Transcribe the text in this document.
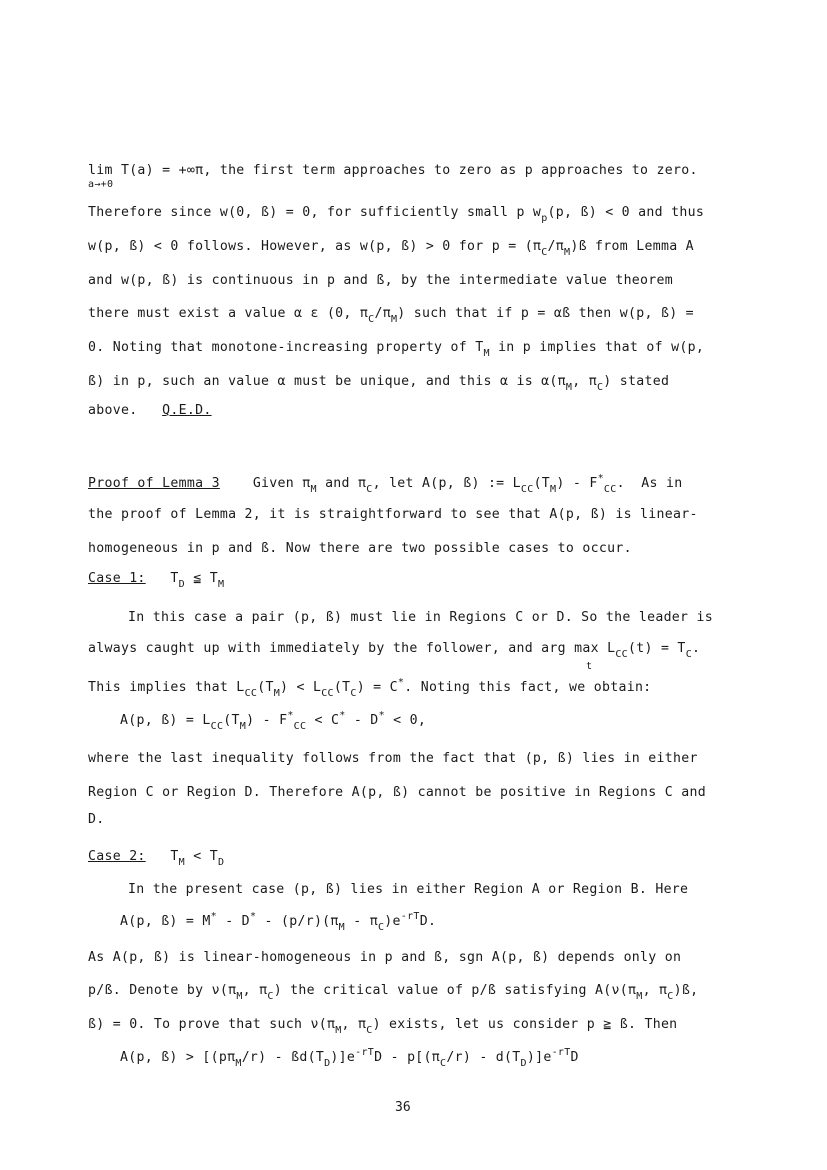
lim T(a) = +∞π, the first term approaches to zero as p approaches to zero.
a→+0
Therefore since w(0, ß) = 0, for sufficiently small p $w_p(p$, ß) < 0 and thus
w(p, ß) < 0 follows. However, as w(p, ß) > 0 for $p = (\pi_C/\pi_M)ß$ from Lemma A
and w(p, ß) is continuous in p and ß, by the intermediate value theorem
there must exist a value α ε (0, $\pi_C/\pi_M$) such that if p = αß then w(p, ß) =
0. Noting that monotone-increasing property of $T_M$ in p implies that of w(p,
ß) in p, such an value α must be unique, and this α is $\alpha(\pi_M$, $\pi_C$) stated
above. Q.E.D.
Proof of Lemma 3 Given $\pi_M$ and $\pi_C$, let A(p, ß) := $L_{CC}(T_M) - F^*_{CC}$.  As in
the proof of Lemma 2, it is straightforward to see that A(p, ß) is linear-
homogeneous in p and ß. Now there are two possible cases to occur.
Case 1:   $T_D$ ≦ $T_M$
In this case a pair (p, ß) must lie in Regions C or D. So the leader is
always caught up with immediately by the follower, and arg $\max L_{CC}(t) = T_C$.
t
This implies that $L_{CC}(T_M) < L_{CC}(T_C) = C^*$. Noting this fact, we obtain:
A(p, ß) = $L_{CC}(T_M) - F^*_{CC} < C^* - D^* < 0$,
where the last inequality follows from the fact that (p, ß) lies in either
Region C or Region D. Therefore A(p, ß) cannot be positive in Regions C and
D.
Case 2:   $T_M < T_D$
In the present case (p, ß) lies in either Region A or Region B. Here
A(p, ß) = $M^* - D^* - (p/r)(\pi_M - \pi_C)e^{-rT}D$.
As A(p, ß) is linear-homogeneous in p and ß, sgn A(p, ß) depends only on
p/ß. Denote by $\nu(\pi_M$, $\pi_C$) the critical value of p/ß satisfying $A(\nu(\pi_M$, $\pi_C)ß$,
ß) = 0. To prove that such $\nu(\pi_M$, $\pi_C$) exists, let us consider p ≧ ß. Then
A(p, ß) > [$(p\pi_M/r)$ - $ßd(T_D)]e^{-rT}D - p[(\pi_C/r) - d(T_D)]e^{-rT}D$
36
